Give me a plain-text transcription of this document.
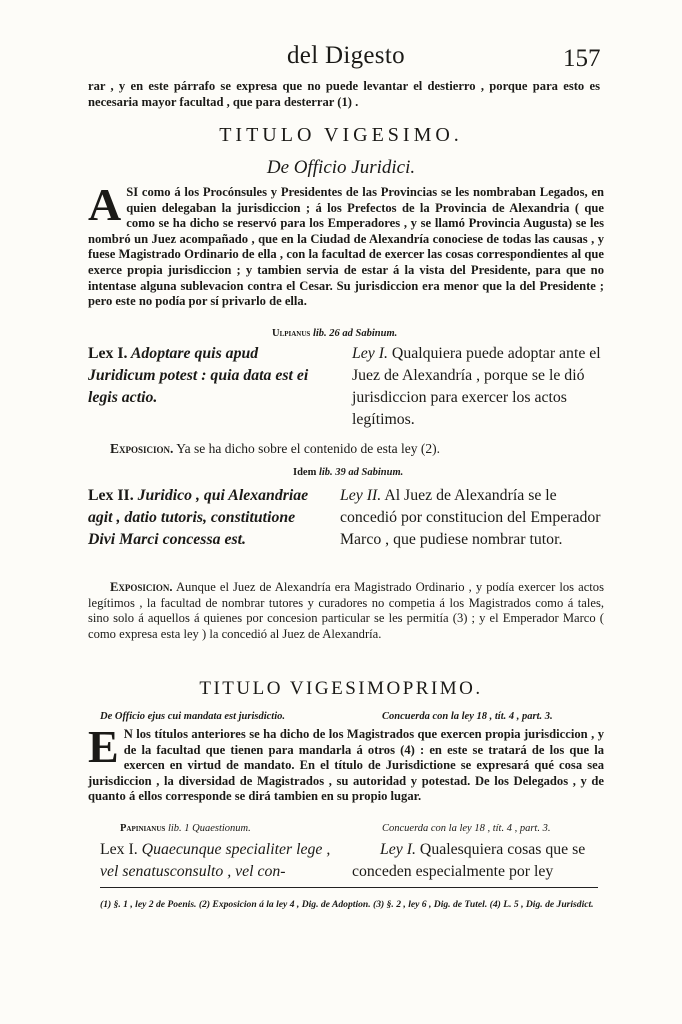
del Digesto	157
rar , y en este párrafo se expresa que no puede levantar el destierro , porque para esto es necesaria mayor facultad , que para desterrar (1) .
TITULO VIGESIMO.
De Officio Juridici.
ASI como á los Procónsules y Presidentes de las Provincias se les nombraban Legados, en quien delegaban la jurisdiccion ; á los Prefectos de la Provincia de Alexandria ( que como se ha dicho se reservó para los Emperadores , y se llamó Provincia Augusta) se les nombró un Juez acompañado , que en la Ciudad de Alexandría conociese de todas las causas , y fuese Magistrado Ordinario de ella , con la facultad de exercer las cosas correspondientes al que exerce propia jurisdiccion ; y tambien servia de estar á la vista del Presidente, para que no intentase alguna sublevacion contra el Cesar. Su jurisdiccion era menor que la del Presidente ; pero este no podía por sí privarlo de ella.
Ulpianus lib. 26 ad Sabinum.
Lex I. Adoptare quis apud Juridicum potest : quia data est ei legis actio.
Ley I. Qualquiera puede adoptar ante el Juez de Alexandría , porque se le dió jurisdiccion para exercer los actos legítimos.
Exposicion. Ya se ha dicho sobre el contenido de esta ley (2).
Idem lib. 39 ad Sabinum.
Lex II. Juridico , qui Alexandriae agit , datio tutoris, constitutione Divi Marci concessa est.
Ley II. Al Juez de Alexandría se le concedió por constitucion del Emperador Marco , que pudiese nombrar tutor.
Exposicion. Aunque el Juez de Alexandría era Magistrado Ordinario , y podía exercer los actos legítimos , la facultad de nombrar tutores y curadores no competia á los Magistrados como á tales, sino solo á aquellos á quienes por concesion particular se les permitía (3) ; y el Emperador Marco ( como expresa esta ley ) la concedió al Juez de Alexandría.
TITULO VIGESIMOPRIMO.
De Officio ejus cui mandata est jurisdictio.	Concuerda con la ley 18 , tít. 4 , part. 3.
E N los títulos anteriores se ha dicho de los Magistrados que exercen propia jurisdiccion , y de la facultad que tienen para mandarla á otros (4) : en este se tratará de los que la exercen en virtud de mandato. En el título de Jurisdictione se expresará qué cosa sea jurisdiccion , la diversidad de Magistrados , su autoridad y potestad. De los Delegados , y de quanto á ellos corresponde se dirá tambien en su propio lugar.
Papinianus lib. 1 Quaestionum.	Concuerda con la ley 18 , tít. 4 , part. 3.
Lex I. Quaecunque specialiter lege , vel senatusconsulto , vel con-
Ley I. Qualesquiera cosas que se conceden especialmente por ley
(1) §. 1 , ley 2 de Poenis. (2) Exposicion á la ley 4 , Dig. de Adoption. (3) §. 2 , ley 6 , Dig. de Tutel. (4) L. 5 , Dig. de Jurisdict.
